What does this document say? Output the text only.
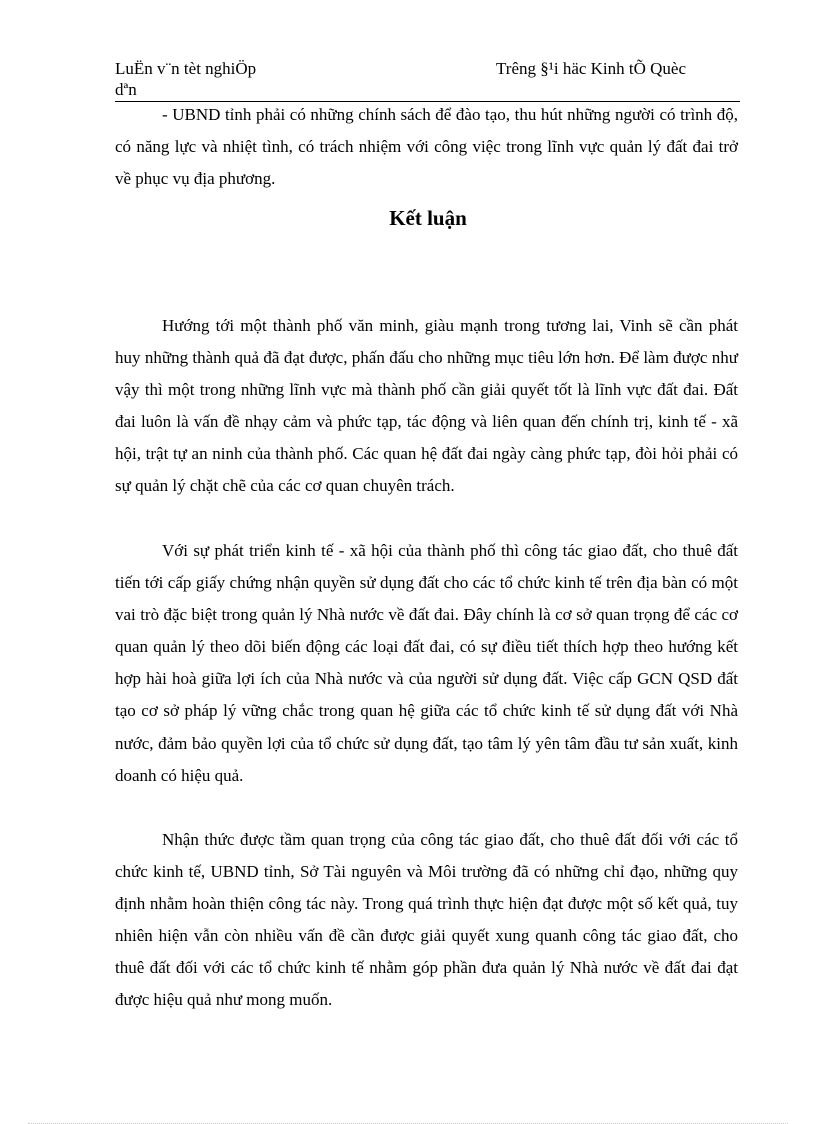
LuËn v¨n tèt nghiÖp
dªn
Trêng §¹i häc Kinh tÕ Quèc

- UBND tỉnh phải có những chính sách để đào tạo, thu hút những người có trình độ, có năng lực và nhiệt tình, có trách nhiệm với công việc trong lĩnh vực quản lý đất đai trở về phục vụ địa phương.

Kết luận

Hướng tới một thành phố văn minh, giàu mạnh trong tương lai, Vinh sẽ cần phát huy những thành quả đã đạt được, phấn đấu cho những mục tiêu lớn hơn. Để làm được như vậy thì một trong những lĩnh vực mà thành phố cần giải quyết tốt là lĩnh vực đất đai. Đất đai luôn là vấn đề nhạy cảm và phức tạp, tác động và liên quan đến chính trị, kinh tế - xã hội, trật tự an ninh của thành phố. Các quan hệ đất đai ngày càng phức tạp, đòi hỏi phải có sự quản lý chặt chẽ của các cơ quan chuyên trách.

Với sự phát triển kinh tế - xã hội của thành phố thì công tác giao đất, cho thuê đất tiến tới cấp giấy chứng nhận quyền sử dụng đất cho các tổ chức kinh tế trên địa bàn có một vai trò đặc biệt trong quản lý Nhà nước về đất đai. Đây chính là cơ sở quan trọng để các cơ quan quản lý theo dõi biến động các loại đất đai, có sự điều tiết thích hợp theo hướng kết hợp hài hoà giữa lợi ích của Nhà nước và của người sử dụng đất. Việc cấp GCN QSD đất tạo cơ sở pháp lý vững chắc trong quan hệ giữa các tổ chức kinh tế sử dụng đất với Nhà nước, đảm bảo quyền lợi của tổ chức sử dụng đất, tạo tâm lý yên tâm đầu tư sản xuất, kinh doanh có hiệu quả.

Nhận thức được tầm quan trọng của công tác giao đất, cho thuê đất đối với các tổ chức kinh tế, UBND tỉnh, Sở Tài nguyên và Môi trường đã có những chỉ đạo, những quy định nhằm hoàn thiện công tác này. Trong quá trình thực hiện đạt được một số kết quả, tuy nhiên hiện vẫn còn nhiều vấn đề cần được giải quyết xung quanh công tác giao đất, cho thuê đất đối với các tổ chức kinh tế nhằm góp phần đưa quản lý Nhà nước về đất đai đạt được hiệu quả như mong muốn.
